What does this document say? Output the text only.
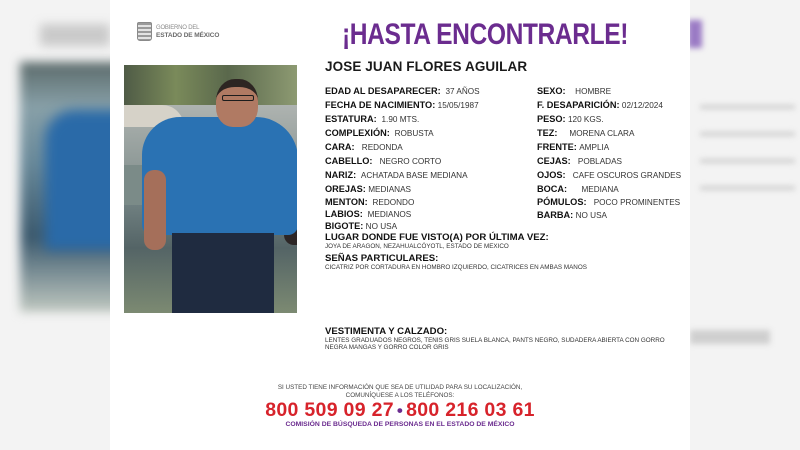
GOBIERNO DEL
ESTADO DE MÉXICO	¡HASTA ENCONTRARLE!
JOSE JUAN FLORES AGUILAR
EDAD AL DESAPARECER: 37 AÑOS
FECHA DE NACIMIENTO: 15/05/1987
ESTATURA: 1.90 MTS.
COMPLEXIÓN: ROBUSTA
CARA: REDONDA
CABELLO: NEGRO CORTO
NARIZ: ACHATADA BASE MEDIANA
OREJAS: MEDIANAS
MENTON: REDONDO
LABIOS: MEDIANOS
BIGOTE: NO USA
SEXO: HOMBRE
F. DESAPARICIÓN: 02/12/2024
PESO: 120 KGS.
TEZ: MORENA CLARA
FRENTE: AMPLIA
CEJAS: POBLADAS
OJOS: CAFE OSCUROS GRANDES
BOCA: MEDIANA
PÓMULOS: POCO PROMINENTES
BARBA: NO USA
LUGAR DONDE FUE VISTO(A) POR ÚLTIMA VEZ:
JOYA DE ARAGON, NEZAHUALCÓYOTL, ESTADO DE MEXICO
SEÑAS PARTICULARES:
CICATRIZ POR CORTADURA EN HOMBRO IZQUIERDO, CICATRICES EN AMBAS MANOS
VESTIMENTA Y CALZADO:
LENTES GRADUADOS NEGROS, TENIS GRIS SUELA BLANCA, PANTS NEGRO, SUDADERA ABIERTA CON GORRO
NEGRA MANGAS Y GORRO COLOR GRIS
SI USTED TIENE INFORMACIÓN QUE SEA DE UTILIDAD PARA SU LOCALIZACIÓN,
COMUNÍQUESE A LOS TELÉFONOS:
800 509 09 27 • 800 216 03 61
COMISIÓN DE BÚSQUEDA DE PERSONAS EN EL ESTADO DE MÉXICO
